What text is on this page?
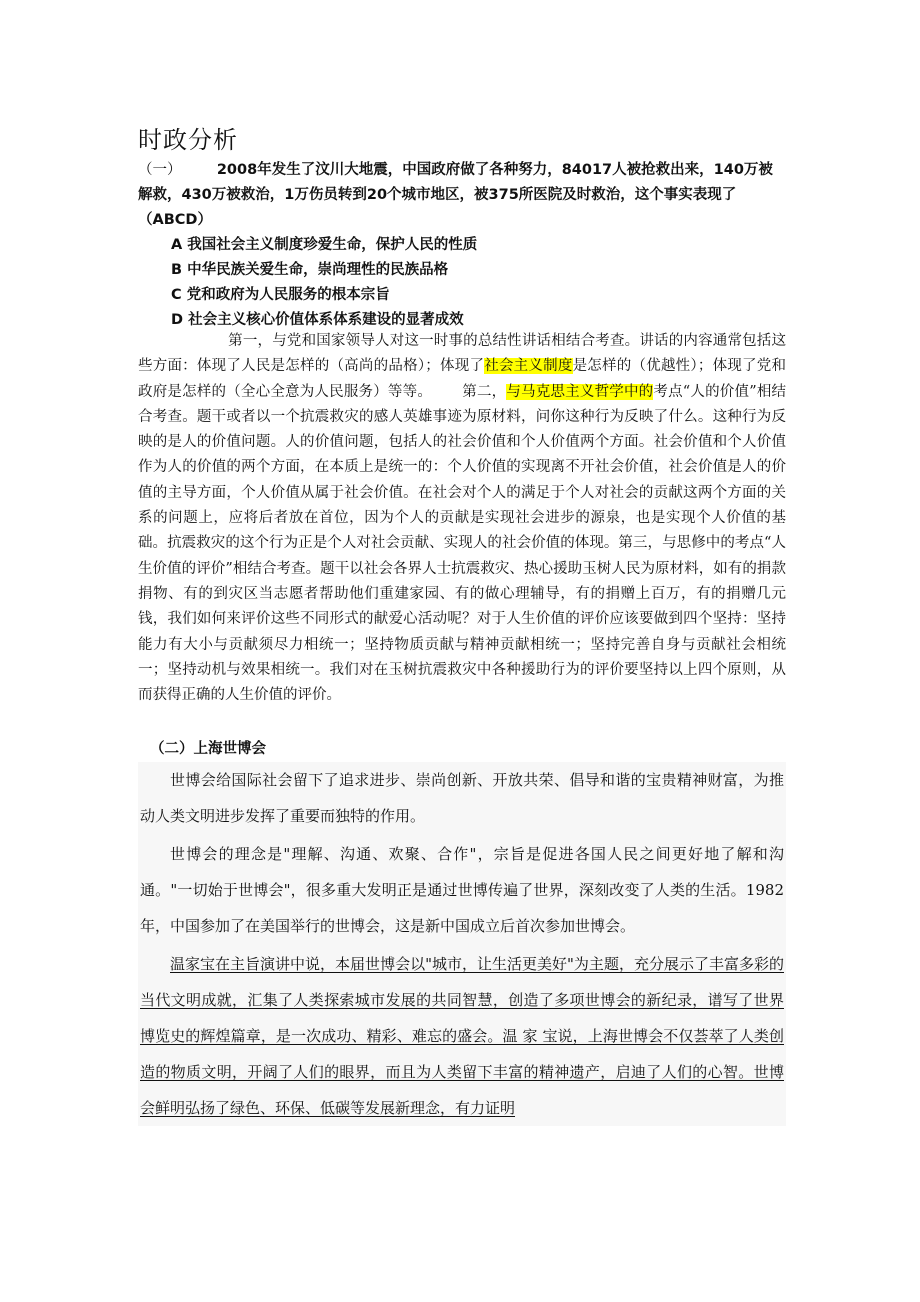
时政分析
（一） 2008年发生了汶川大地震，中国政府做了各种努力，84017人被抢救出来，140万被解救，430万被救治，1万伤员转到20个城市地区，被375所医院及时救治，这个事实表现了（ABCD）
A 我国社会主义制度珍爱生命，保护人民的性质
B 中华民族关爱生命，崇尚理性的民族品格
C 党和政府为人民服务的根本宗旨
D 社会主义核心价值体系体系建设的显著成效
第一，与党和国家领导人对这一时事的总结性讲话相结合考查。讲话的内容通常包括这些方面：体现了人民是怎样的（高尚的品格）；体现了社会主义制度是怎样的（优越性）；体现了党和政府是怎样的（全心全意为人民服务）等等。 第二，与马克思主义哲学中的考点“人的价值”相结合考查。题干或者以一个抗震救灾的感人英雄事迹为原材料，问你这种行为反映了什么。这种行为反映的是人的价值问题。人的价值问题，包括人的社会价值和个人价值两个方面。社会价值和个人价值作为人的价值的两个方面，在本质上是统一的：个人价值的实现离不开社会价值，社会价值是人的价值的主导方面，个人价值从属于社会价值。在社会对个人的满足于个人对社会的贡献这两个方面的关系的问题上，应将后者放在首位，因为个人的贡献是实现社会进步的源泉，也是实现个人价值的基础。抗震救灾的这个行为正是个人对社会贡献、实现人的社会价值的体现。第三，与思修中的考点“人生价值的评价”相结合考查。题干以社会各界人士抗震救灾、热心援助玉树人民为原材料，如有的捐款捐物、有的到灾区当志愿者帮助他们重建家园、有的做心理辅导，有的捐赠上百万，有的捐赠几元钱，我们如何来评价这些不同形式的献爱心活动呢？对于人生价值的评价应该要做到四个坚持：坚持能力有大小与贡献须尽力相统一；坚持物质贡献与精神贡献相统一；坚持完善自身与贡献社会相统一；坚持动机与效果相统一。我们对在玉树抗震救灾中各种援助行为的评价要坚持以上四个原则，从而获得正确的人生价值的评价。
（二）上海世博会

世博会给国际社会留下了追求进步、崇尚创新、开放共荣、倡导和谐的宝贵精神财富，为推动人类文明进步发挥了重要而独特的作用。

世博会的理念是"理解、沟通、欢聚、合作"，宗旨是促进各国人民之间更好地了解和沟通。"一切始于世博会"，很多重大发明正是通过世博传遍了世界，深刻改变了人类的生活。1982年，中国参加了在美国举行的世博会，这是新中国成立后首次参加世博会。

温家宝在主旨演讲中说，本届世博会以"城市，让生活更美好"为主题，充分展示了丰富多彩的当代文明成就，汇集了人类探索城市发展的共同智慧，创造了多项世博会的新纪录，谱写了世界博览史的辉煌篇章，是一次成功、精彩、难忘的盛会。温 家 宝说，上海世博会不仅荟萃了人类创造的物质文明，开阔了人们的眼界，而且为人类留下丰富的精神遗产，启迪了人们的心智。世博会鲜明弘扬了绿色、环保、低碳等发展新理念，有力证明
